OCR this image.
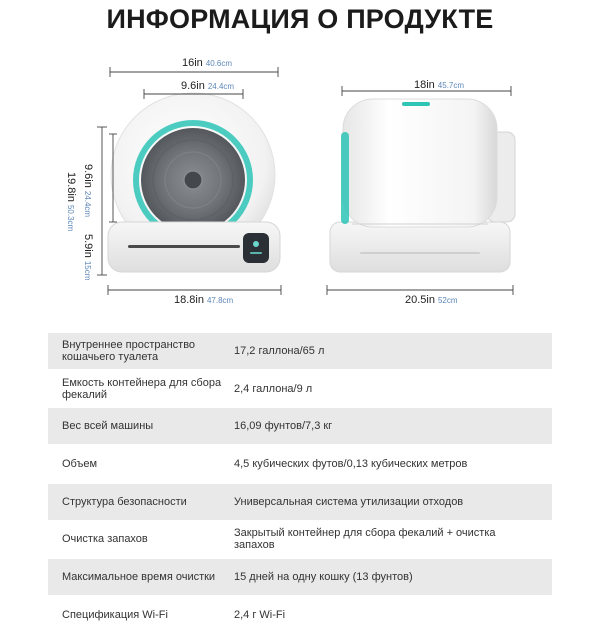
ИНФОРМАЦИЯ О ПРОДУКТЕ
16in 40.6cm
9.6in 24.4cm
18.8in 47.8cm
18in 45.7cm
20.5in 52cm
19.8in50.3cm
9.6in24.4cm
5.9in15cm
Внутреннее пространство кошачьего туалета	17,2 галлона/65 л
Емкость контейнера для сбора фекалий	2,4 галлона/9 л
Вес всей машины	16,09 фунтов/7,3 кг
Объем	4,5 кубических футов/0,13 кубических метров
Структура безопасности	Универсальная система утилизации отходов
Очистка запахов	Закрытый контейнер для сбора фекалий + очистка запахов
Максимальное время очистки	15 дней на одну кошку (13 фунтов)
Спецификация Wi-Fi	2,4 г Wi-Fi
